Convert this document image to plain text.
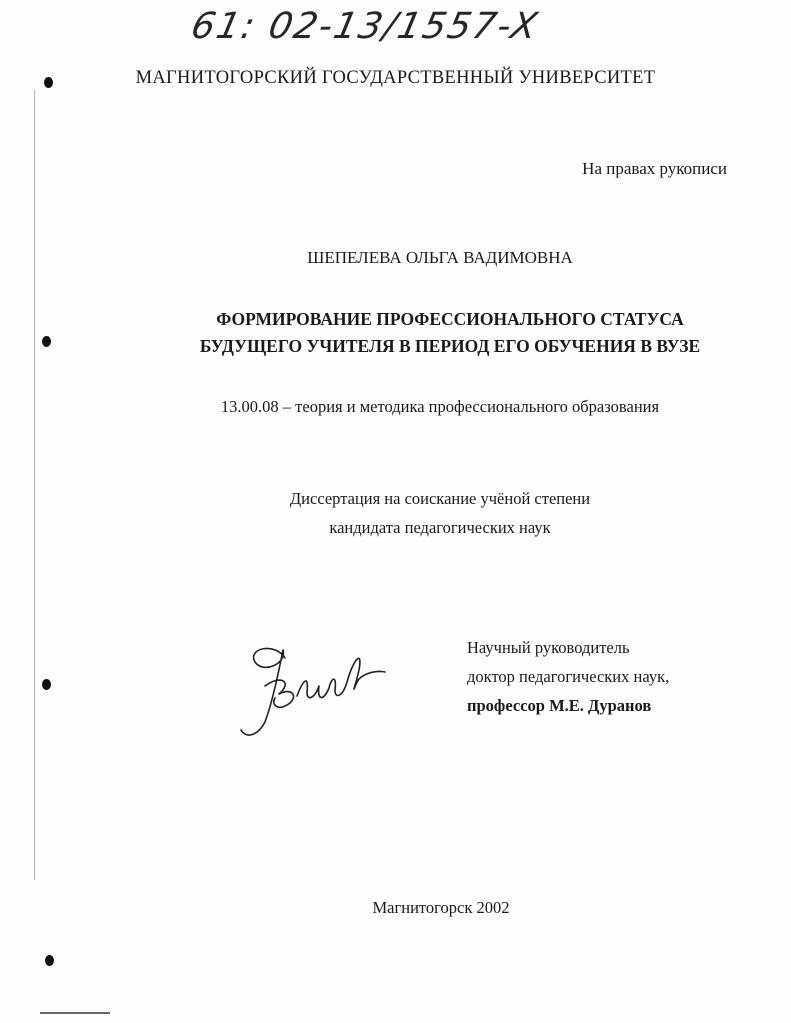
61: 02-13/1557-X
МАГНИТОГОРСКИЙ ГОСУДАРСТВЕННЫЙ УНИВЕРСИТЕТ
На правах рукописи
ШЕПЕЛЕВА ОЛЬГА ВАДИМОВНА
ФОРМИРОВАНИЕ ПРОФЕССИОНАЛЬНОГО СТАТУСА
БУДУЩЕГО УЧИТЕЛЯ В ПЕРИОД ЕГО ОБУЧЕНИЯ В ВУЗЕ
13.00.08 – теория и методика профессионального образования
Диссертация на соискание учёной степени
кандидата педагогических наук
Научный руководитель
доктор педагогических наук,
профессор М.Е. Дуранов
Магнитогорск 2002
